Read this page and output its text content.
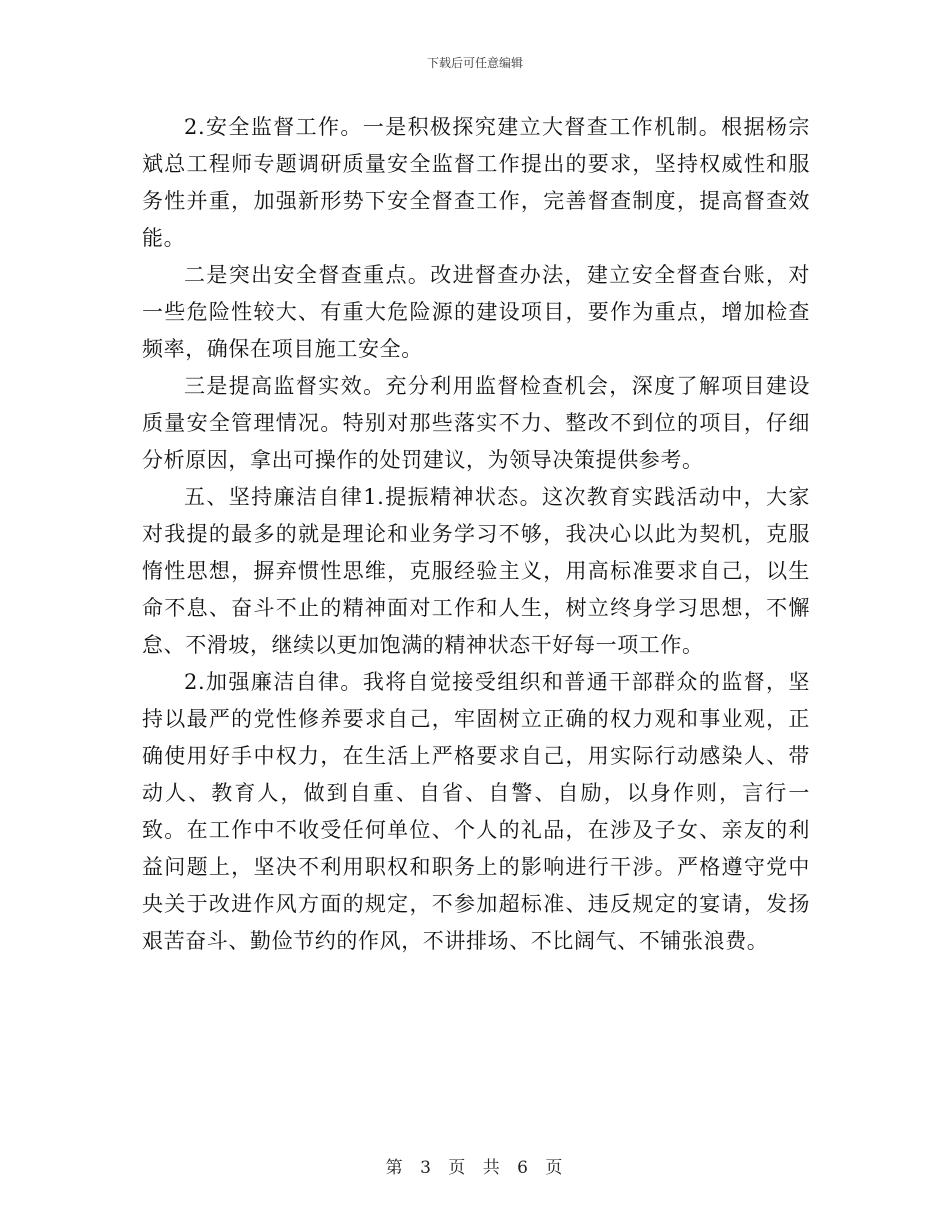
下载后可任意编辑

2.安全监督工作。一是积极探究建立大督查工作机制。根据杨宗斌总工程师专题调研质量安全监督工作提出的要求，坚持权威性和服务性并重，加强新形势下安全督查工作，完善督查制度，提高督查效能。

二是突出安全督查重点。改进督查办法，建立安全督查台账，对一些危险性较大、有重大危险源的建设项目，要作为重点，增加检查频率，确保在项目施工安全。

三是提高监督实效。充分利用监督检查机会，深度了解项目建设质量安全管理情况。特别对那些落实不力、整改不到位的项目，仔细分析原因，拿出可操作的处罚建议，为领导决策提供参考。

五、坚持廉洁自律1.提振精神状态。这次教育实践活动中，大家对我提的最多的就是理论和业务学习不够，我决心以此为契机，克服惰性思想，摒弃惯性思维，克服经验主义，用高标准要求自己，以生命不息、奋斗不止的精神面对工作和人生，树立终身学习思想，不懈怠、不滑坡，继续以更加饱满的精神状态干好每一项工作。

2.加强廉洁自律。我将自觉接受组织和普通干部群众的监督，坚持以最严的党性修养要求自己，牢固树立正确的权力观和事业观，正确使用好手中权力，在生活上严格要求自己，用实际行动感染人、带动人、教育人，做到自重、自省、自警、自励，以身作则，言行一致。在工作中不收受任何单位、个人的礼品，在涉及子女、亲友的利益问题上，坚决不利用职权和职务上的影响进行干涉。严格遵守党中央关于改进作风方面的规定，不参加超标准、违反规定的宴请，发扬艰苦奋斗、勤俭节约的作风，不讲排场、不比阔气、不铺张浪费。

第 3 页 共 6 页
